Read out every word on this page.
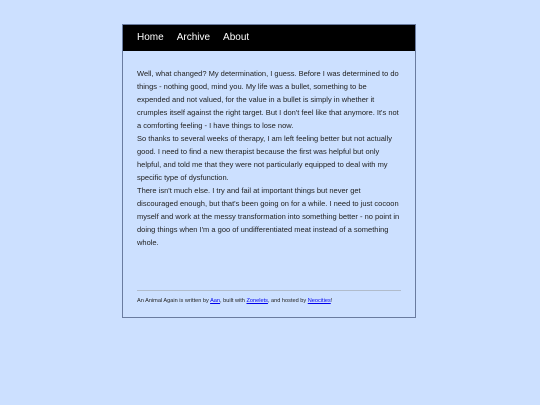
Home Archive About

Well, what changed? My determination, I guess. Before I was determined to do things - nothing good, mind you. My life was a bullet, something to be expended and not valued, for the value in a bullet is simply in whether it crumples itself against the right target. But I don't feel like that anymore. It's not a comforting feeling - I have things to lose now.

So thanks to several weeks of therapy, I am left feeling better but not actually good. I need to find a new therapist because the first was helpful but only helpful, and told me that they were not particularly equipped to deal with my specific type of dysfunction.

There isn't much else. I try and fail at important things but never get discouraged enough, but that's been going on for a while. I need to just cocoon myself and work at the messy transformation into something better - no point in doing things when I'm a goo of undifferentiated meat instead of a something whole.

An Animal Again is written by Aan, built with Zonelets, and hosted by Neocities!
